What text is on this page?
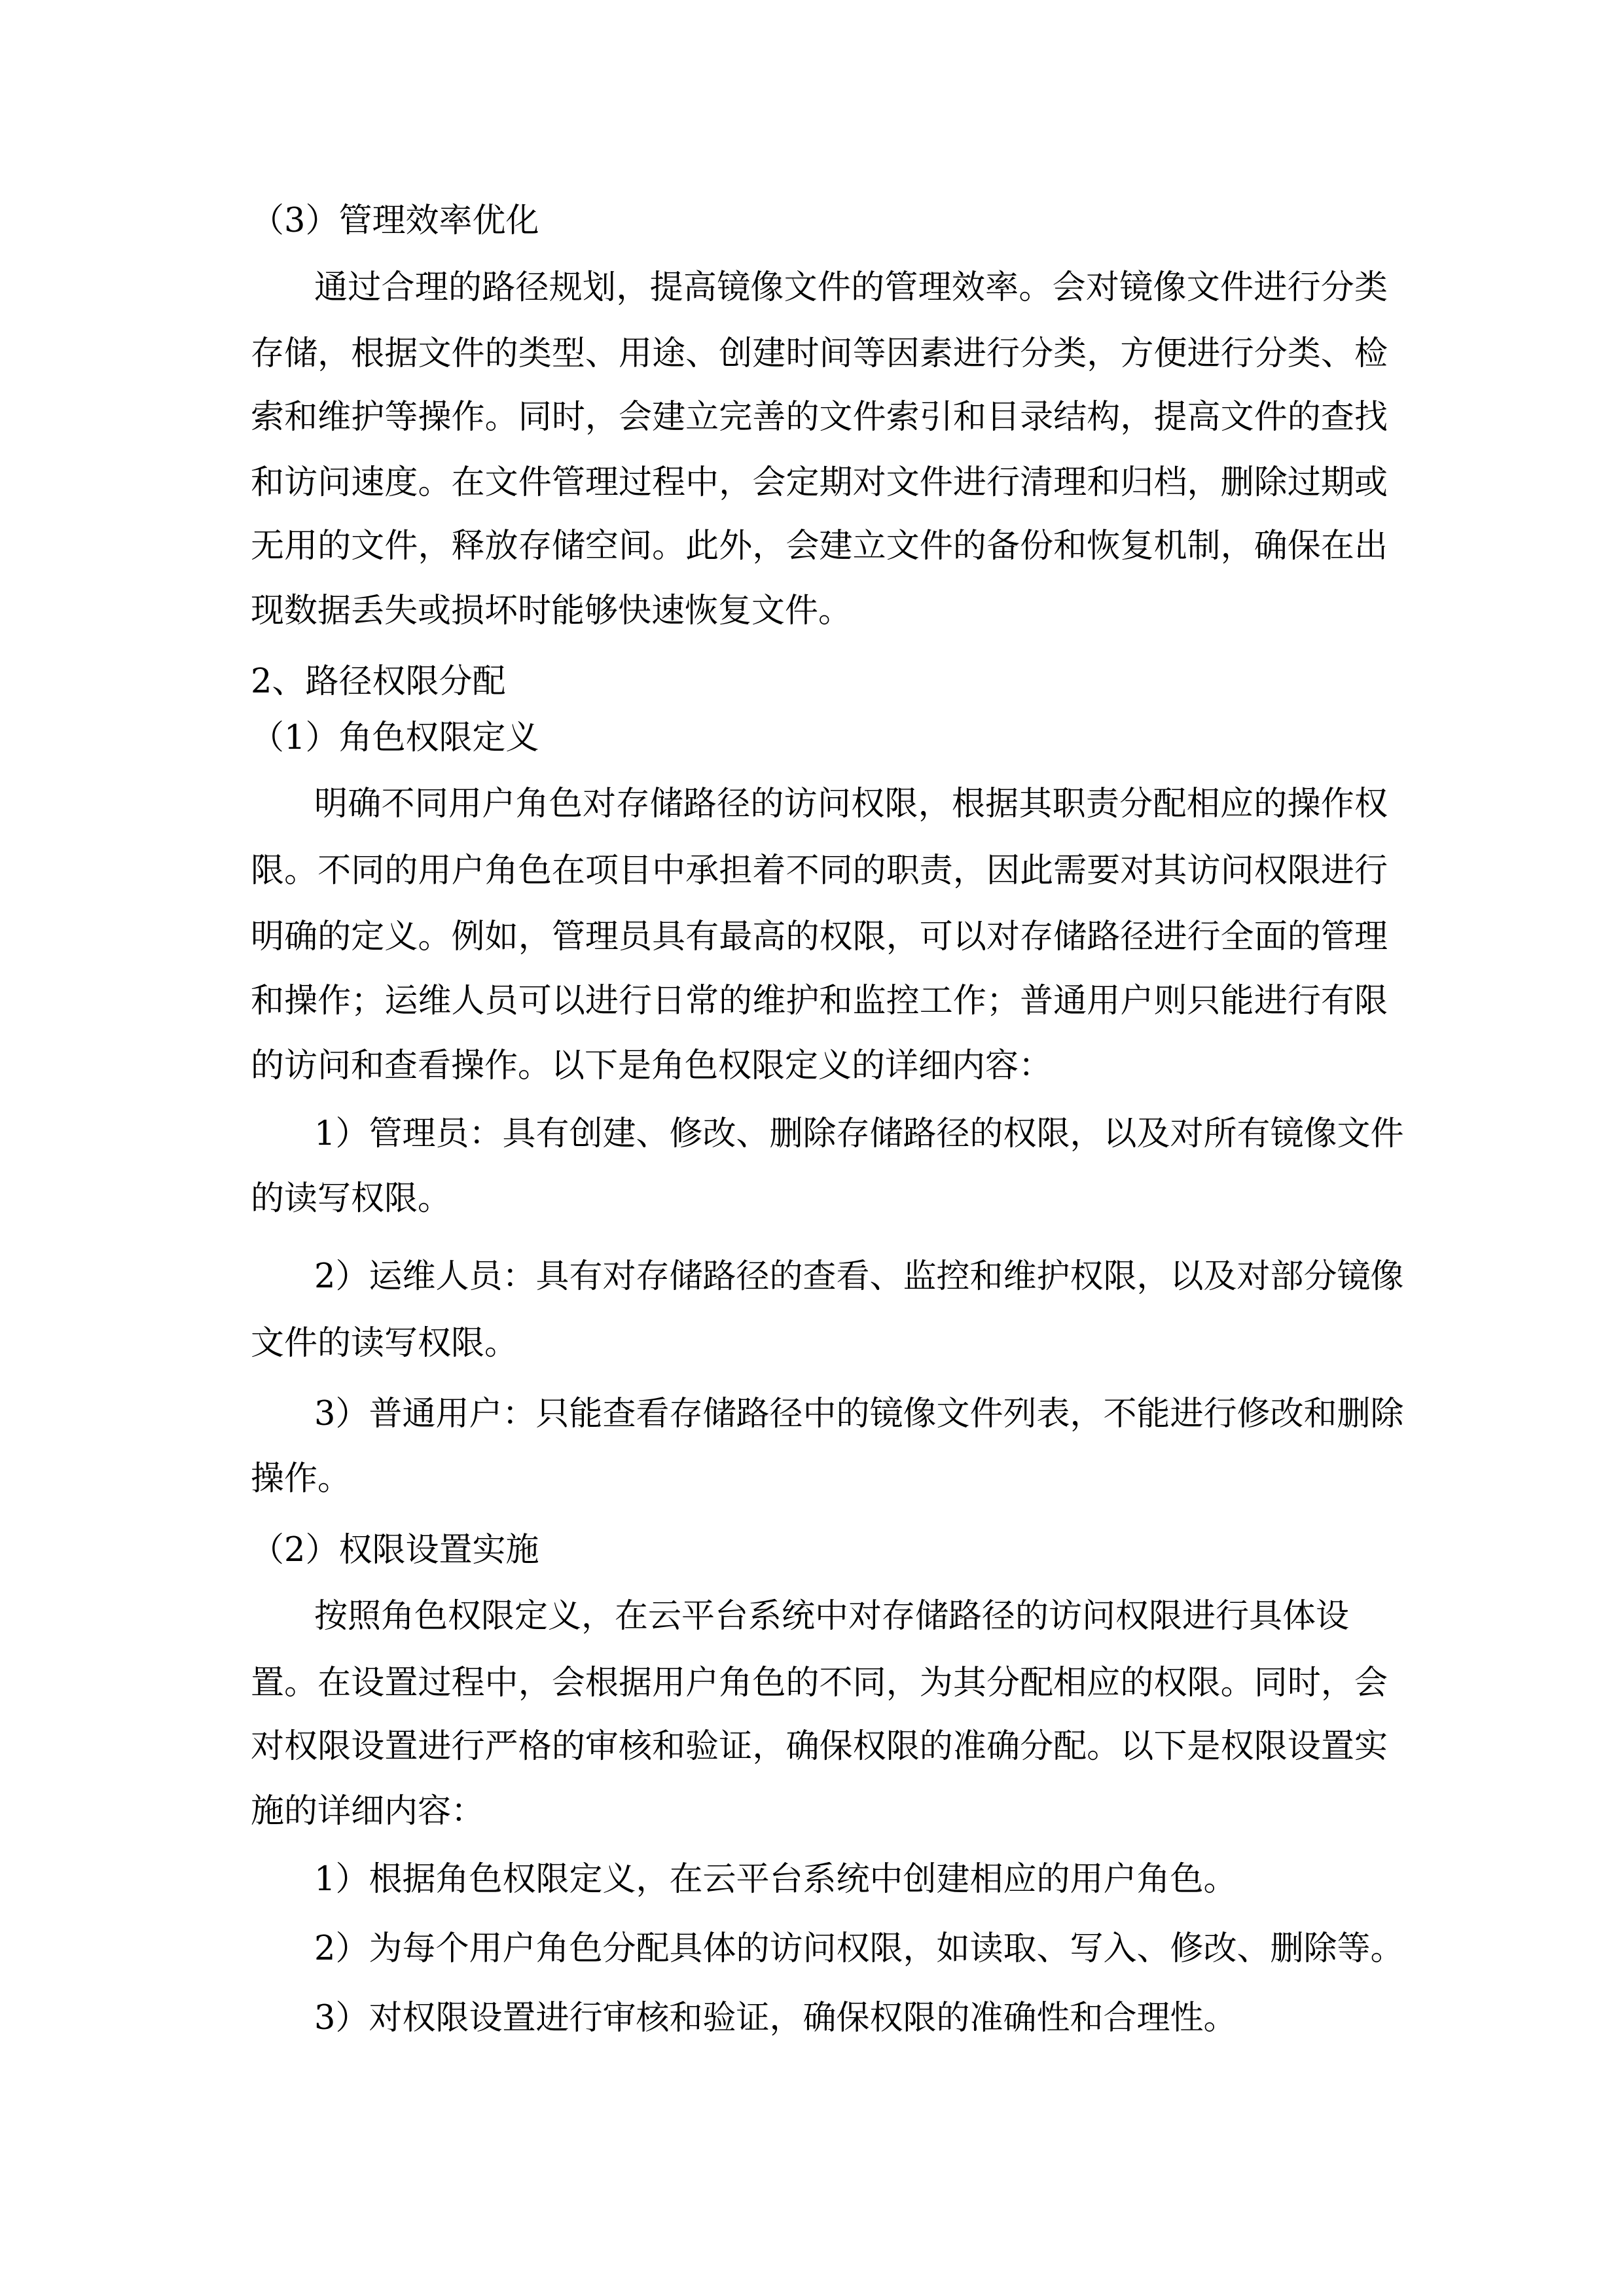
（3）管理效率优化
通过合理的路径规划，提高镜像文件的管理效率。会对镜像文件进行分类
存储，根据文件的类型、用途、创建时间等因素进行分类，方便进行分类、检
索和维护等操作。同时，会建立完善的文件索引和目录结构，提高文件的查找
和访问速度。在文件管理过程中，会定期对文件进行清理和归档，删除过期或
无用的文件，释放存储空间。此外，会建立文件的备份和恢复机制，确保在出
现数据丢失或损坏时能够快速恢复文件。
2、路径权限分配
（1）角色权限定义
明确不同用户角色对存储路径的访问权限，根据其职责分配相应的操作权
限。不同的用户角色在项目中承担着不同的职责，因此需要对其访问权限进行
明确的定义。例如，管理员具有最高的权限，可以对存储路径进行全面的管理
和操作；运维人员可以进行日常的维护和监控工作；普通用户则只能进行有限
的访问和查看操作。以下是角色权限定义的详细内容：
1）管理员：具有创建、修改、删除存储路径的权限，以及对所有镜像文件
的读写权限。
2）运维人员：具有对存储路径的查看、监控和维护权限，以及对部分镜像
文件的读写权限。
3）普通用户：只能查看存储路径中的镜像文件列表，不能进行修改和删除
操作。
（2）权限设置实施
按照角色权限定义，在云平台系统中对存储路径的访问权限进行具体设
置。在设置过程中，会根据用户角色的不同，为其分配相应的权限。同时，会
对权限设置进行严格的审核和验证，确保权限的准确分配。以下是权限设置实
施的详细内容：
1）根据角色权限定义，在云平台系统中创建相应的用户角色。
2）为每个用户角色分配具体的访问权限，如读取、写入、修改、删除等。
3）对权限设置进行审核和验证，确保权限的准确性和合理性。
